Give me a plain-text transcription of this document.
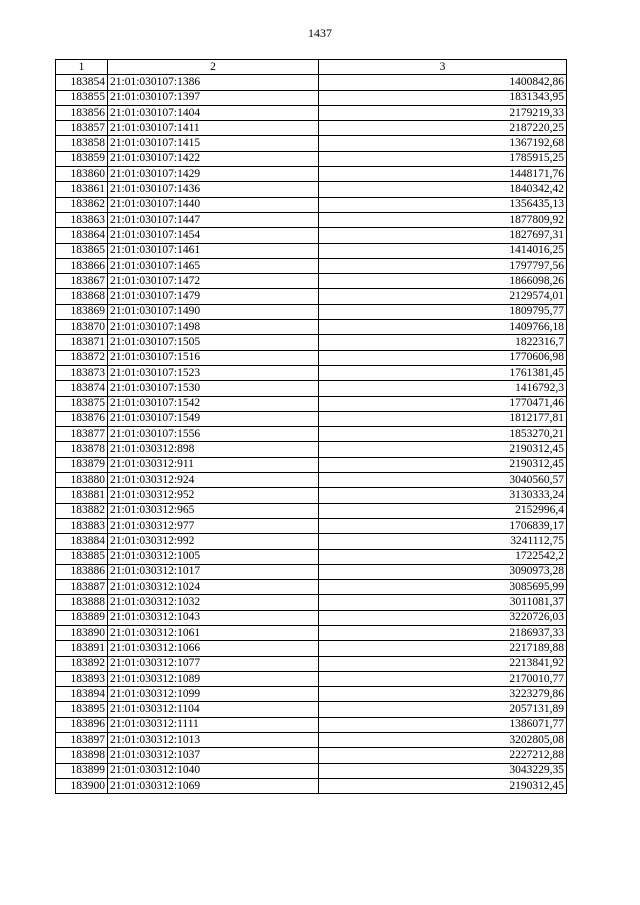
1437
1	2	3
183854	21:01:030107:1386	1400842,86
183855	21:01:030107:1397	1831343,95
183856	21:01:030107:1404	2179219,33
183857	21:01:030107:1411	2187220,25
183858	21:01:030107:1415	1367192,68
183859	21:01:030107:1422	1785915,25
183860	21:01:030107:1429	1448171,76
183861	21:01:030107:1436	1840342,42
183862	21:01:030107:1440	1356435,13
183863	21:01:030107:1447	1877809,92
183864	21:01:030107:1454	1827697,31
183865	21:01:030107:1461	1414016,25
183866	21:01:030107:1465	1797797,56
183867	21:01:030107:1472	1866098,26
183868	21:01:030107:1479	2129574,01
183869	21:01:030107:1490	1809795,77
183870	21:01:030107:1498	1409766,18
183871	21:01:030107:1505	1822316,7
183872	21:01:030107:1516	1770606,98
183873	21:01:030107:1523	1761381,45
183874	21:01:030107:1530	1416792,3
183875	21:01:030107:1542	1770471,46
183876	21:01:030107:1549	1812177,81
183877	21:01:030107:1556	1853270,21
183878	21:01:030312:898	2190312,45
183879	21:01:030312:911	2190312,45
183880	21:01:030312:924	3040560,57
183881	21:01:030312:952	3130333,24
183882	21:01:030312:965	2152996,4
183883	21:01:030312:977	1706839,17
183884	21:01:030312:992	3241112,75
183885	21:01:030312:1005	1722542,2
183886	21:01:030312:1017	3090973,28
183887	21:01:030312:1024	3085695,99
183888	21:01:030312:1032	3011081,37
183889	21:01:030312:1043	3220726,03
183890	21:01:030312:1061	2186937,33
183891	21:01:030312:1066	2217189,88
183892	21:01:030312:1077	2213841,92
183893	21:01:030312:1089	2170010,77
183894	21:01:030312:1099	3223279,86
183895	21:01:030312:1104	2057131,89
183896	21:01:030312:1111	1386071,77
183897	21:01:030312:1013	3202805,08
183898	21:01:030312:1037	2227212,88
183899	21:01:030312:1040	3043229,35
183900	21:01:030312:1069	2190312,45
